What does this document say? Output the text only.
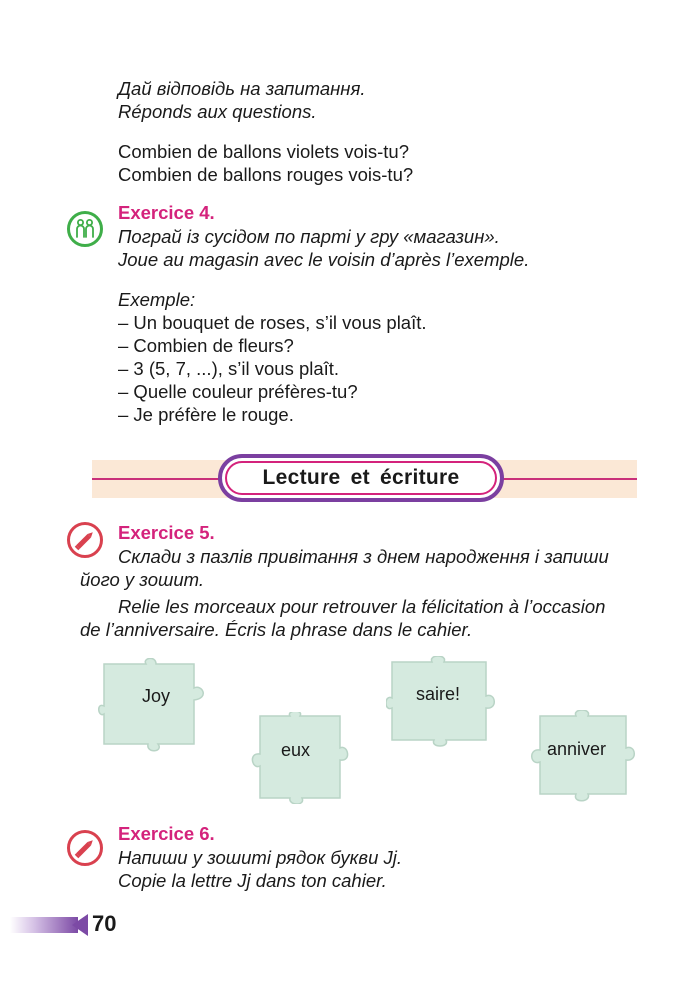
Дай відповідь на запитання.
Réponds aux questions.
Combien de ballons violets vois-tu?
Combien de ballons rouges vois-tu?
Exercice 4.
Пограй із сусідом по парті у гру «магазин».
Joue au magasin avec le voisin d’après l’exemple.
Exemple:
– Un bouquet de roses, s’il vous plaît.
– Combien de fleurs?
– 3 (5, 7, ...), s’il vous plaît.
– Quelle couleur préfères-tu?
– Je préfère le rouge.
Lecture et écriture
Exercice 5.
Склади з пазлів привітання з днем народження і запиши
його у зошит.
Relie les morceaux pour retrouver la félicitation à l’occasion
de l’anniversaire. Écris la phrase dans le cahier.
Joy
eux
saire!
anniver
Exercice 6.
Напиши у зошиті рядок букви Jj.
Copie la lettre Jj dans ton cahier.
70
